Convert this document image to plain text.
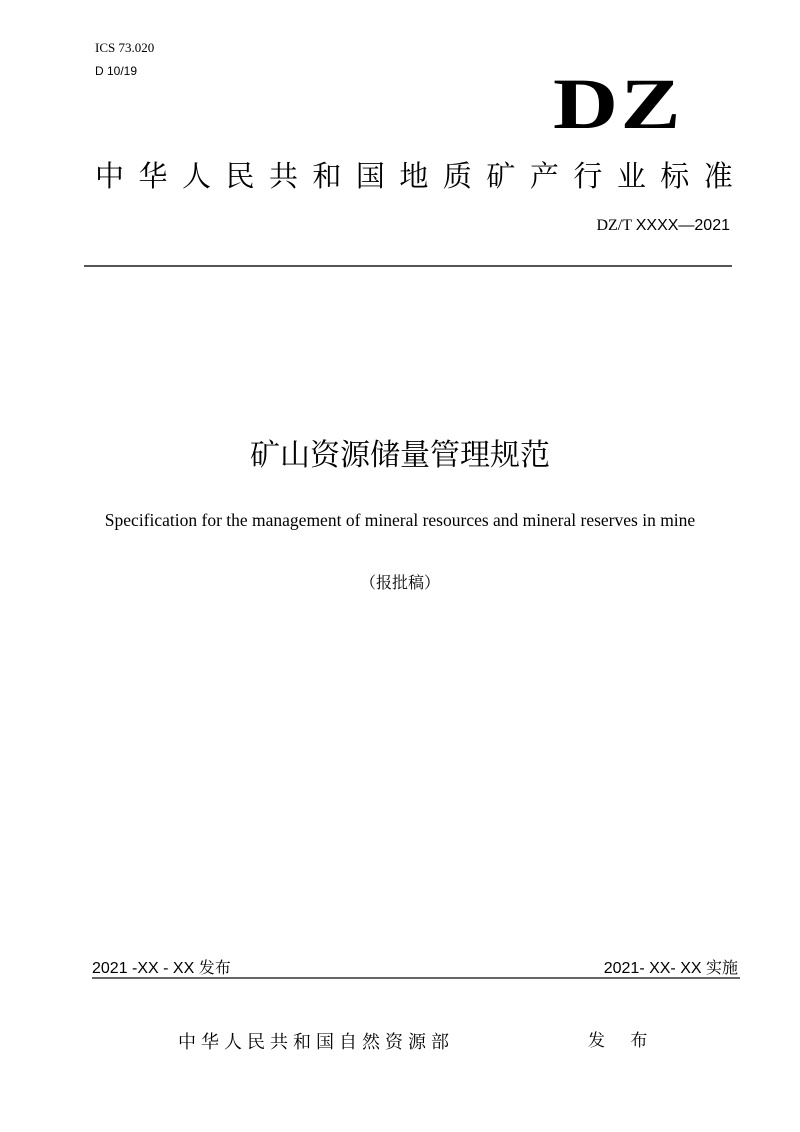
ICS 73.020
D 10/19	DZ
中 华 人 民 共 和 国 地 质 矿 产 行 业 标 准
DZ/T XXXX—2021
矿山资源储量管理规范
Specification for the management of mineral resources and mineral reserves in mine
（报批稿）
2021 -XX - XX 发布	2021- XX- XX 实施
中华人民共和国自然资源部	发 布
